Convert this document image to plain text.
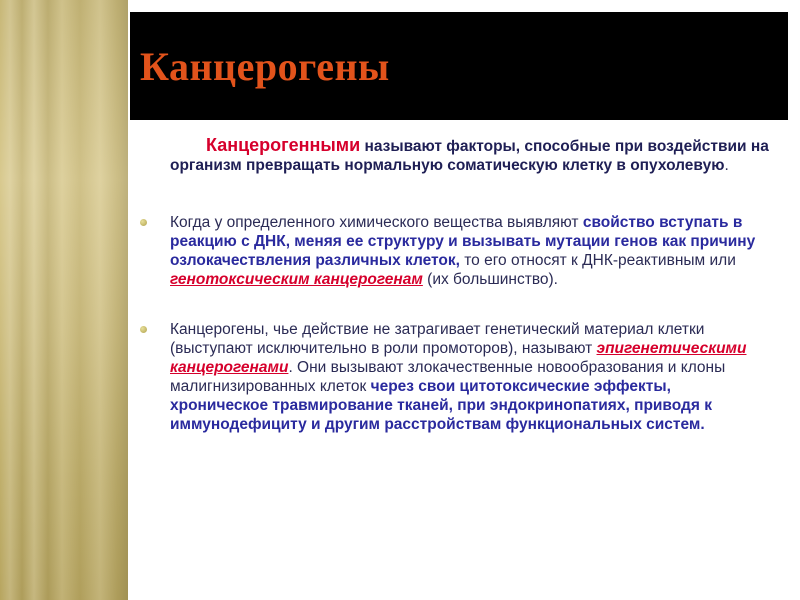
Канцерогены

Канцерогенными называют факторы, способные при воздействии на организм превращать нормальную соматическую клетку в опухолевую.

Когда у определенного химического вещества выявляют свойство вступать в реакцию с ДНК, меняя ее структуру и вызывать мутации генов как причину озлокачествления различных клеток, то его относят к ДНК-реактивным или генотоксическим канцерогенам (их большинство).
Канцерогены, чье действие не затрагивает генетический материал клетки (выступают исключительно в роли промоторов), называют эпигенетическими канцерогенами. Они вызывают злокачественные новообразования и клоны малигнизированных клеток через свои цитотоксические эффекты, хроническое травмирование тканей, при эндокринопатиях, приводя к иммунодефициту и другим расстройствам функциональных систем.
